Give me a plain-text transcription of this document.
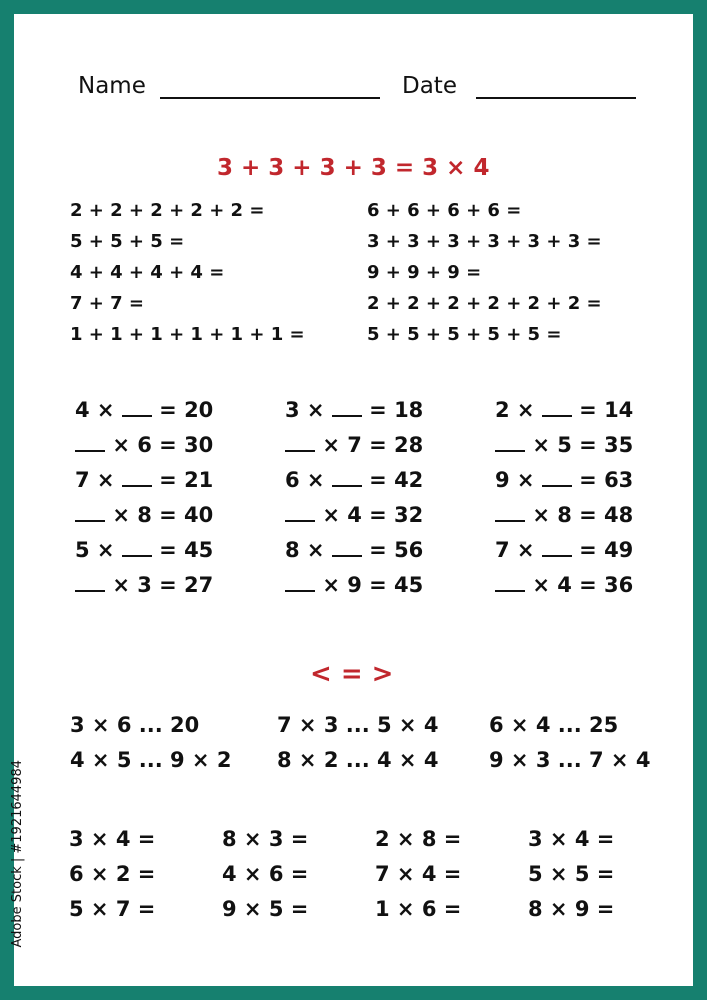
Name	Date
3 + 3 + 3 + 3 = 3 × 4
2 + 2 + 2 + 2 + 2 =
5 + 5 + 5 =
4 + 4 + 4 + 4 =
7 + 7 =
1 + 1 + 1 + 1 + 1 + 1 =
6 + 6 + 6 + 6 =
3 + 3 + 3 + 3 + 3 + 3 =
9 + 9 + 9 =
2 + 2 + 2 + 2 + 2 + 2 =
5 + 5 + 5 + 5 + 5 =
4 × = 20
× 6 = 30
7 × = 21
× 8 = 40
5 × = 45
× 3 = 27
3 × = 18
× 7 = 28
6 × = 42
× 4 = 32
8 × = 56
× 9 = 45
2 × = 14
× 5 = 35
9 × = 63
× 8 = 48
7 × = 49
× 4 = 36
< = >
3 × 6 ... 20	7 × 3 ... 5 × 4 6 × 4 ... 25
4 × 5 ... 9 × 2 8 × 2 ... 4 × 4 9 × 3 ... 7 × 4
3 × 4 =
6 × 2 =
5 × 7 =
8 × 3 =
4 × 6 =
9 × 5 =
2 × 8 =
7 × 4 =
1 × 6 =
3 × 4 =
5 × 5 =
8 × 9 =
Adobe Stock | #1921644984
